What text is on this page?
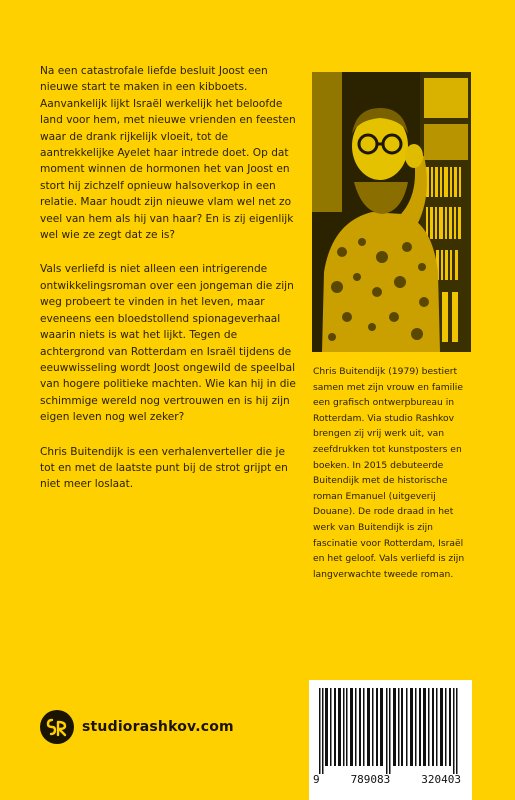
Na een catastrofale liefde besluit Joost een nieuwe start te maken in een kibboets. Aanvankelijk lijkt Israël werkelijk het beloofde land voor hem, met nieuwe vrienden en feesten waar de drank rijkelijk vloeit, tot de aantrekkelijke Ayelet haar intrede doet. Op dat moment winnen de hormonen het van Joost en stort hij zichzelf opnieuw halsoverkop in een relatie. Maar houdt zijn nieuwe vlam wel net zo veel van hem als hij van haar? En is zij eigenlijk wel wie ze zegt dat ze is?

Vals verliefd is niet alleen een intrigerende ontwikkelingsroman over een jongeman die zijn weg probeert te vinden in het leven, maar eveneens een bloedstollend spionageverhaal waarin niets is wat het lijkt. Tegen de achtergrond van Rotterdam en Israël tijdens de eeuwwisseling wordt Joost ongewild de speelbal van hogere politieke machten. Wie kan hij in die schimmige wereld nog vertrouwen en is hij zijn eigen leven nog wel zeker?

Chris Buitendijk is een verhalenverteller die je tot en met de laatste punt bij de strot grijpt en niet meer loslaat.

Chris Buitendijk (1979) bestiert samen met zijn vrouw en familie een grafisch ontwerpbureau in Rotterdam. Via studio Rashkov brengen zij vrij werk uit, van zeefdrukken tot kunstposters en boeken. In 2015 debuteerde Buitendijk met de historische roman Emanuel (uitgeverij Douane). De rode draad in het werk van Buitendijk is zijn fascinatie voor Rotterdam, Israël en het geloof. Vals verliefd is zijn langverwachte tweede roman.

studiorashkov.com
9	789083	320403
